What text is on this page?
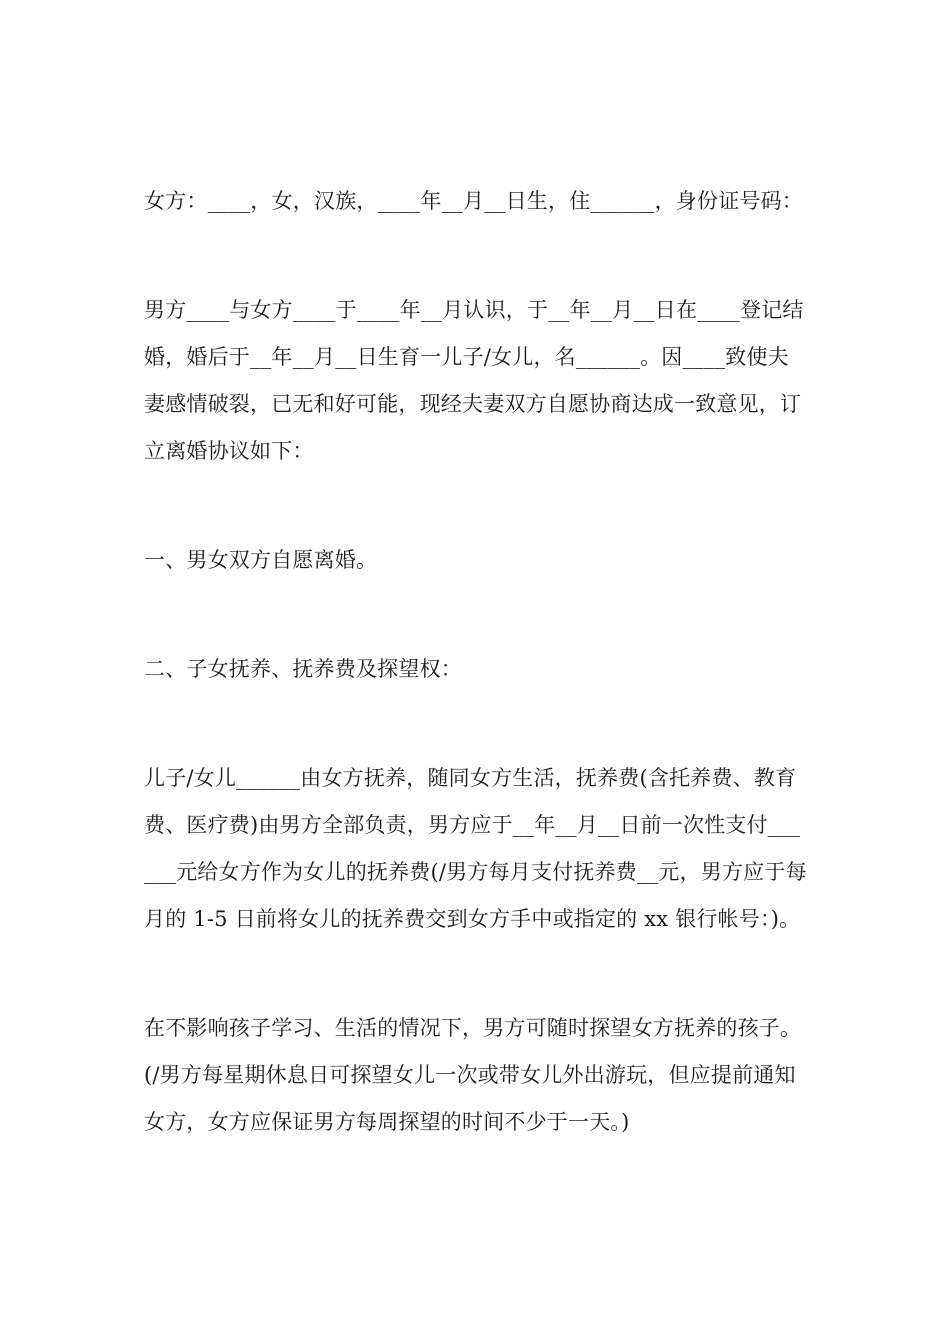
女方：____，女，汉族，____年__月__日生，住______，身份证号码：

男方____与女方____于____年__月认识，于__年__月__日在____登记结婚，婚后于__年__月__日生育一儿子/女儿，名______。因____致使夫妻感情破裂，已无和好可能，现经夫妻双方自愿协商达成一致意见，订立离婚协议如下：

一、男女双方自愿离婚。

二、子女抚养、抚养费及探望权：

儿子/女儿______由女方抚养，随同女方生活，抚养费(含托养费、教育费、医疗费)由男方全部负责，男方应于__年__月__日前一次性支付______元给女方作为女儿的抚养费(/男方每月支付抚养费__元，男方应于每月的 1-5 日前将女儿的抚养费交到女方手中或指定的 xx 银行帐号：)。

在不影响孩子学习、生活的情况下，男方可随时探望女方抚养的孩子。(/男方每星期休息日可探望女儿一次或带女儿外出游玩，但应提前通知女方，女方应保证男方每周探望的时间不少于一天。)
